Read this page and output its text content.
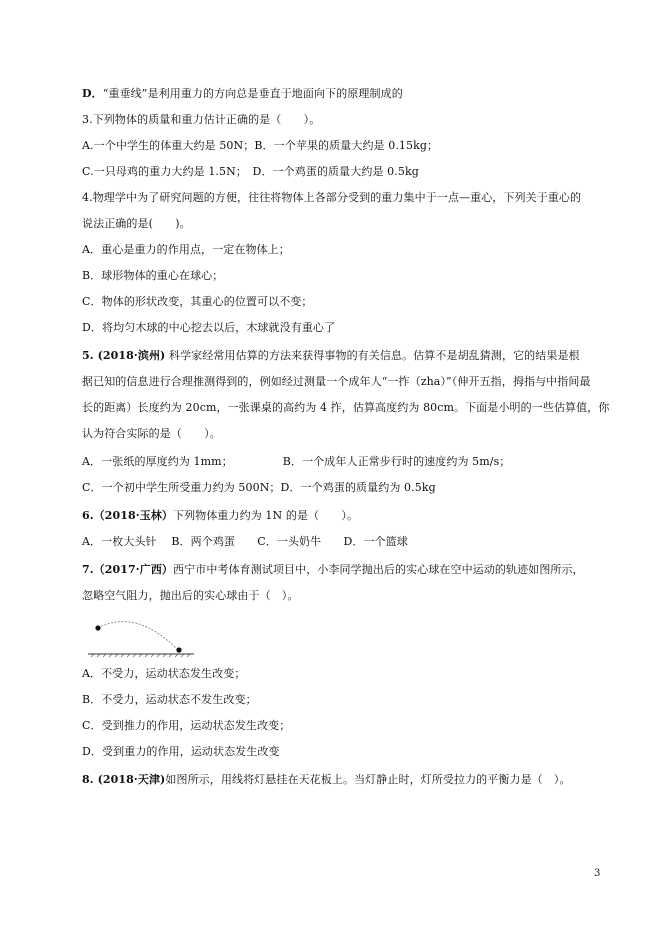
D．“重垂线”是利用重力的方向总是垂直于地面向下的原理制成的
3.下列物体的质量和重力估计正确的是（　　）。
A.一个中学生的体重大约是 50N；B．一个苹果的质量大约是 0.15kg；
C.一只母鸡的重力大约是 1.5N；　D．一个鸡蛋的质量大约是 0.5kg
4.物理学中为了研究问题的方便，往往将物体上各部分受到的重力集中于一点—重心，下列关于重心的
说法正确的是(　　)。
A．重心是重力的作用点，一定在物体上；
B．球形物体的重心在球心；
C．物体的形状改变，其重心的位置可以不变；
D．将均匀木球的中心挖去以后，木球就没有重心了
5. (2018·滨州) 科学家经常用估算的方法来获得事物的有关信息。估算不是胡乱猜测，它的结果是根
据已知的信息进行合理推测得到的，例如经过测量一个成年人“一拃（zha）”（伸开五指，拇指与中指间最
长的距离）长度约为 20cm，一张课桌的高约为 4 拃，估算高度约为 80cm。下面是小明的一些估算值，你
认为符合实际的是（　　）。
A．一张纸的厚度约为 1mm；　　　　　B．一个成年人正常步行时的速度约为 5m/s；
C．一个初中学生所受重力约为 500N；D．一个鸡蛋的质量约为 0.5kg
6.（2018·玉林）下列物体重力约为 1N 的是（　　）。
A．一枚大头针　 B．两个鸡蛋　　C．一头奶牛　　D．一个篮球
7.（2017·广西）西宁市中考体育测试项目中，小李同学抛出后的实心球在空中运动的轨迹如图所示，
忽略空气阻力，抛出后的实心球由于（　）。
A．不受力，运动状态发生改变；
B．不受力，运动状态不发生改变；
C．受到推力的作用，运动状态发生改变；
D．受到重力的作用，运动状态发生改变
8. (2018·天津)如图所示，用线将灯悬挂在天花板上。当灯静止时，灯所受拉力的平衡力是（　）。
3
